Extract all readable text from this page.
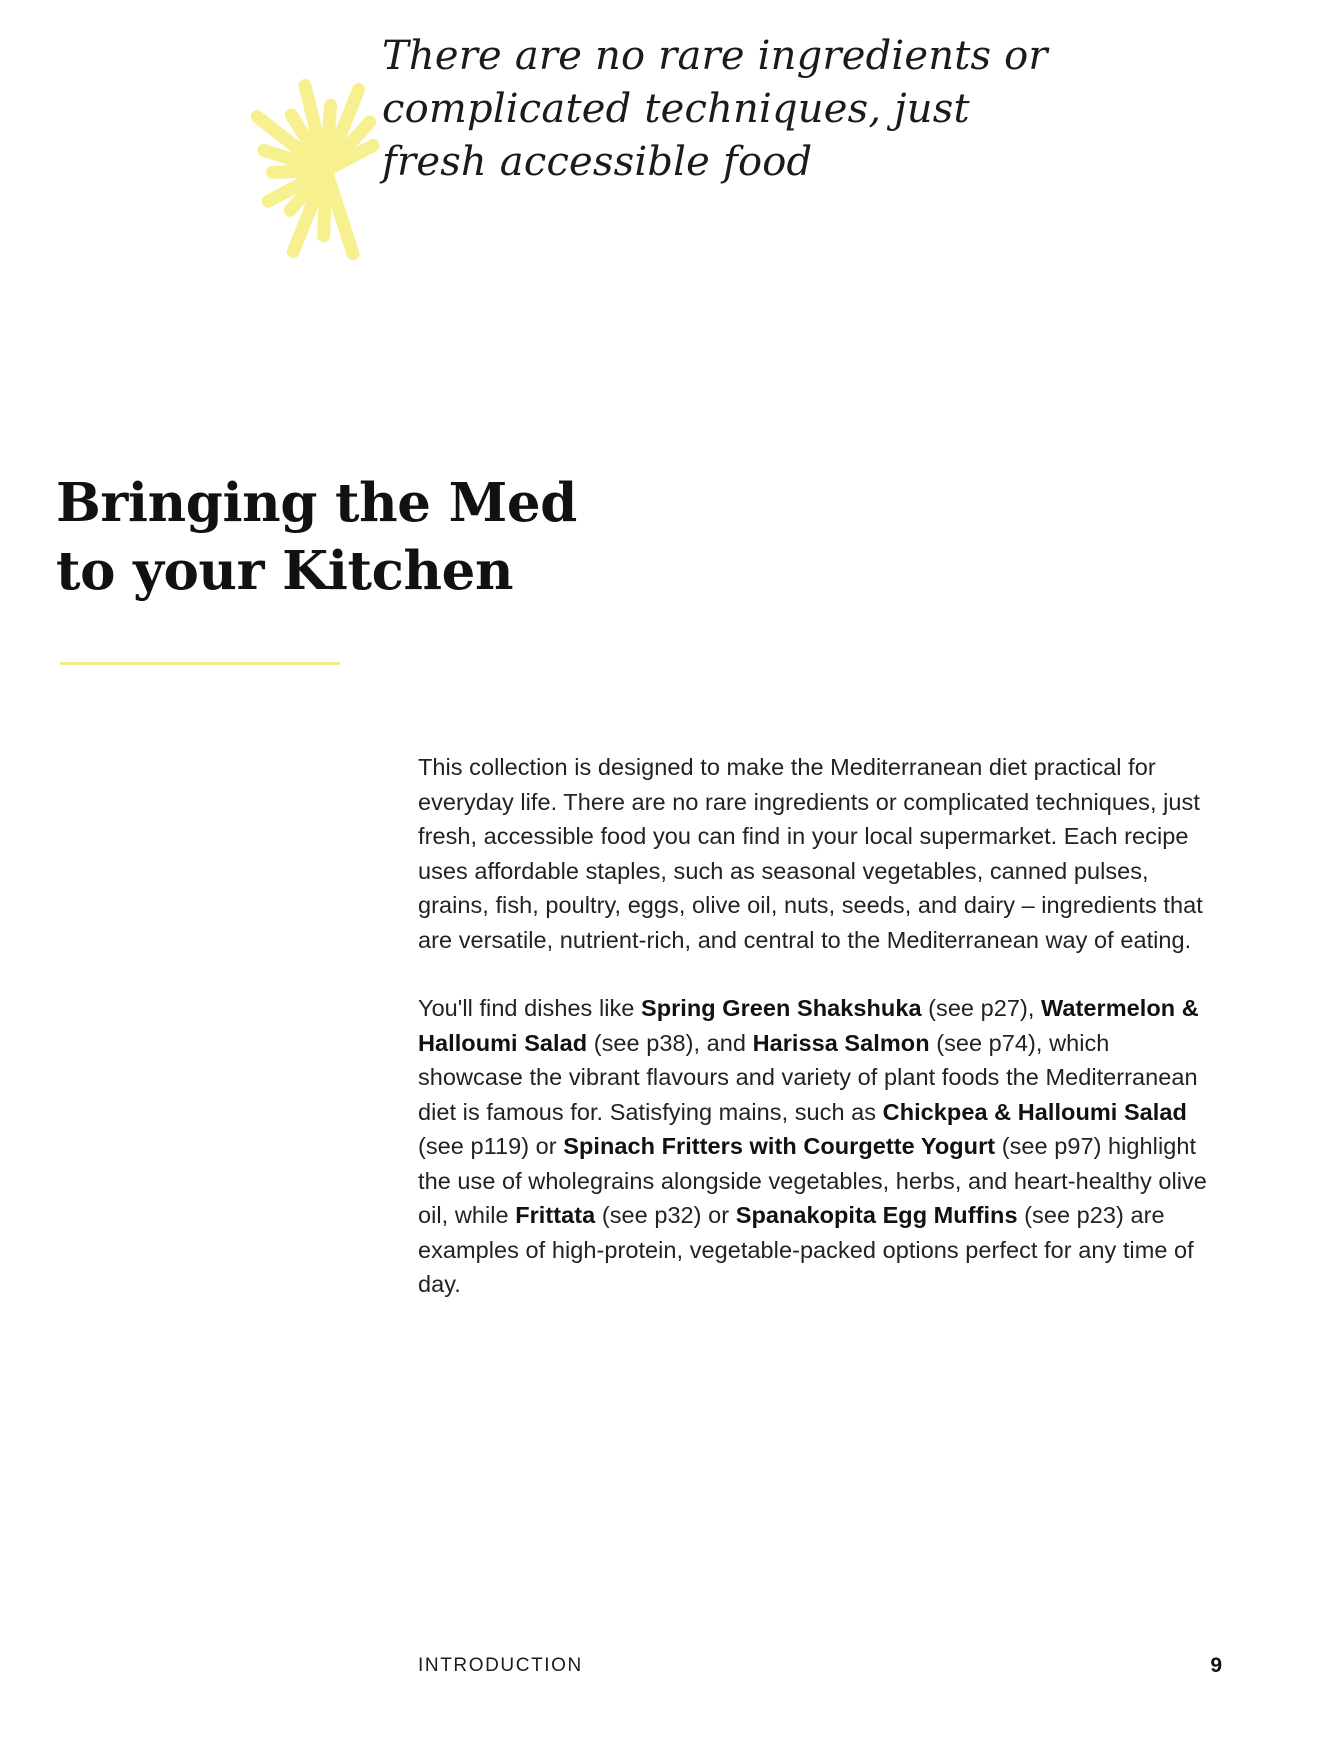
There are no rare ingredients or complicated techniques, just fresh accessible food

Bringing the Med
to your Kitchen

This collection is designed to make the Mediterranean diet practical for everyday life. There are no rare ingredients or complicated techniques, just fresh, accessible food you can find in your local supermarket. Each recipe uses affordable staples, such as seasonal vegetables, canned pulses, grains, fish, poultry, eggs, olive oil, nuts, seeds, and dairy – ingredients that are versatile, nutrient-rich, and central to the Mediterranean way of eating.

You'll find dishes like Spring Green Shakshuka (see p27), Watermelon & Halloumi Salad (see p38), and Harissa Salmon (see p74), which showcase the vibrant flavours and variety of plant foods the Mediterranean diet is famous for. Satisfying mains, such as Chickpea & Halloumi Salad (see p119) or Spinach Fritters with Courgette Yogurt (see p97) highlight the use of wholegrains alongside vegetables, herbs, and heart-healthy olive oil, while Frittata (see p32) or Spanakopita Egg Muffins (see p23) are examples of high-protein, vegetable-packed options perfect for any time of day.

INTRODUCTION	9
